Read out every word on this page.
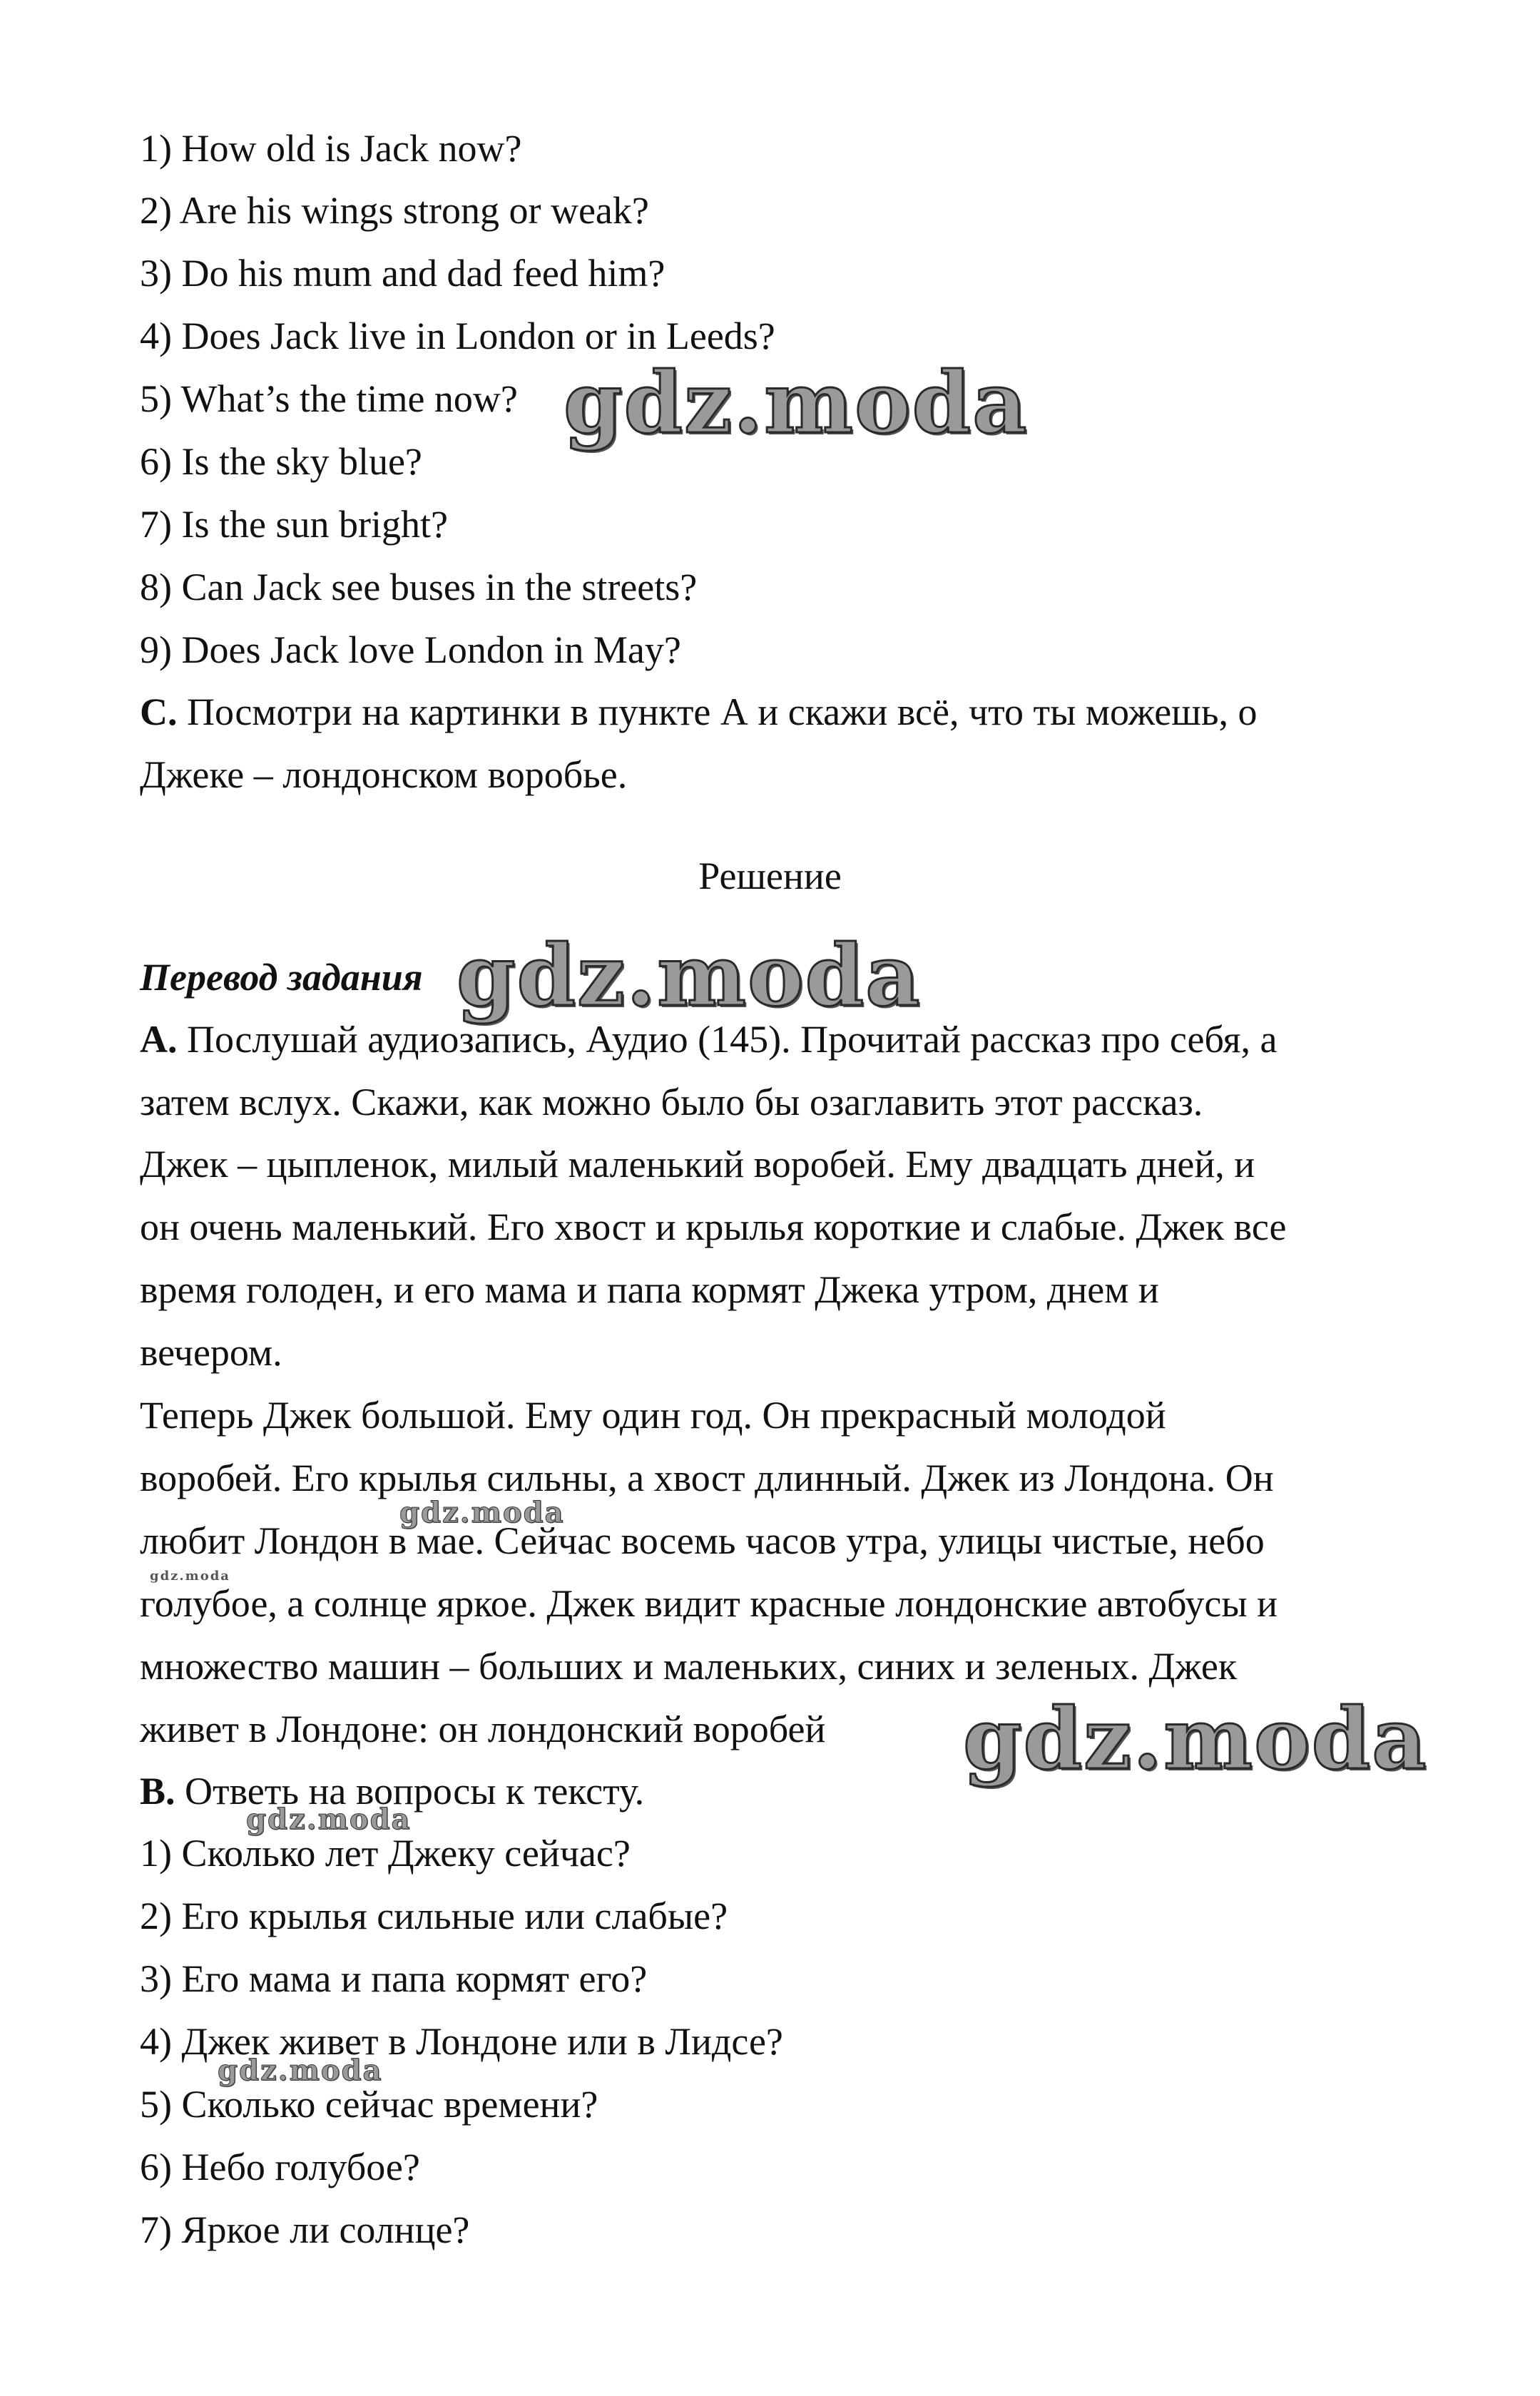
1) How old is Jack now?
2) Are his wings strong or weak?
3) Do his mum and dad feed him?
4) Does Jack live in London or in Leeds?
5) What’s the time now?
6) Is the sky blue?
7) Is the sun bright?
8) Can Jack see buses in the streets?
9) Does Jack love London in May?
C. Посмотри на картинки в пункте А и скажи всё, что ты можешь, о
Джеке – лондонском воробье.
Решение
Перевод задания
А. Послушай аудиозапись, Аудио (145). Прочитай рассказ про себя, а
затем вслух. Скажи, как можно было бы озаглавить этот рассказ.
Джек – цыпленок, милый маленький воробей. Ему двадцать дней, и
он очень маленький. Его хвост и крылья короткие и слабые. Джек все
время голоден, и его мама и папа кормят Джека утром, днем и
вечером.
Теперь Джек большой. Ему один год. Он прекрасный молодой
воробей. Его крылья сильны, а хвост длинный. Джек из Лондона. Он
любит Лондон в мае. Сейчас восемь часов утра, улицы чистые, небо
голубое, а солнце яркое. Джек видит красные лондонские автобусы и
множество машин – больших и маленьких, синих и зеленых. Джек
живет в Лондоне: он лондонский воробей
В. Ответь на вопросы к тексту.
1) Сколько лет Джеку сейчас?
2) Его крылья сильные или слабые?
3) Его мама и папа кормят его?
4) Джек живет в Лондоне или в Лидсе?
5) Сколько сейчас времени?
6) Небо голубое?
7) Яркое ли солнце?
gdz.moda
gdz.moda
gdz.moda
gdz.moda
gdz.moda
gdz.moda
gdz.moda
